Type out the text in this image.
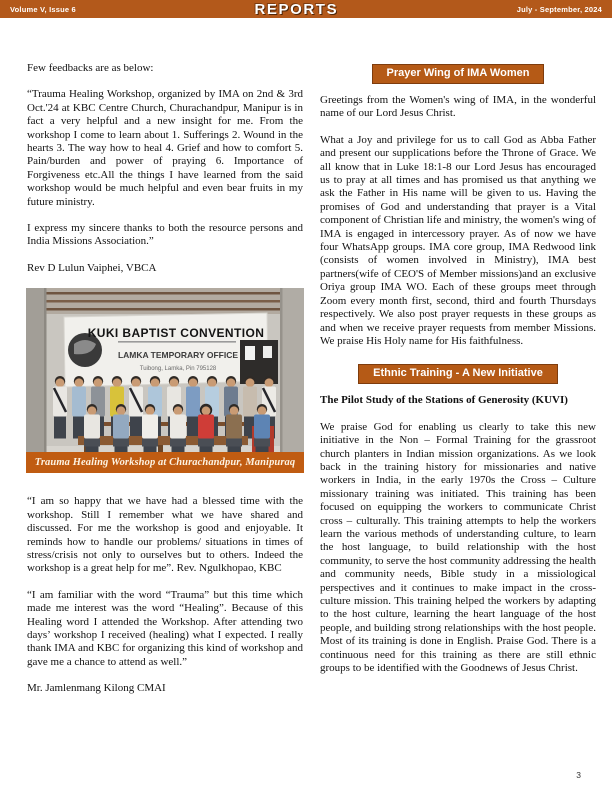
Volume V, Issue 6	REPORTS	July - September, 2024

Few feedbacks are as below:

“Trauma Healing Workshop, organized by IMA on 2nd & 3rd Oct.'24 at KBC Centre Church, Churachandpur, Manipur is in fact a very helpful and a new insight for me. From the workshop I come to learn about 1. Sufferings 2. Wound in the hearts 3. The way how to heal 4. Grief and how to comfort 5. Pain/burden and power of praying 6. Importance of Forgiveness etc.All the things I have learned from the said workshop would be much helpful and even bear fruits in my future ministry.

I express my sincere thanks to both the resource persons and India Missions Association.”

Rev D Lulun Vaiphei, VBCA

KUKI BAPTIST CONVENTION
LAMKA TEMPORARY OFFICE
Tuibong, Lamka, Pin 795128
Trauma Healing Workshop at Churachandpur, Manipuraq

“I am so happy that we have had a blessed time with the workshop. Still I remember what we have shared and discussed. For me the workshop is good and enjoyable. It reminds how to handle our problems/ situations in times of stress/crisis not only to ourselves but to others. Indeed the workshop is a great help for me”. Rev. Ngulkhopao, KBC

“I am familiar with the word “Trauma” but this time which made me interest was the word “Healing”. Because of this Healing word I attended the Workshop. After attending two days’ workshop I received (healing) what I expected. I really thank IMA and KBC for organizing this kind of workshop and gave me a chance to attend as well.”

Mr. Jamlenmang Kilong CMAI

Prayer Wing of IMA Women

Greetings from the Women's wing of IMA, in the wonderful name of our Lord Jesus Christ.

What a Joy and privilege for us to call God as Abba Father and present our supplications before the Throne of Grace. We all know that in Luke 18:1-8 our Lord Jesus has encouraged us to pray at all times and has promised us that anything we ask the Father in His name will be given to us. Having the promises of God and understanding that prayer is a Vital component of Christian life and ministry, the women's wing of IMA is engaged in intercessory prayer. As of now we have four WhatsApp groups. IMA core group, IMA Redwood link (consists of women involved in Ministry), IMA best partners(wife of CEO'S of Member missions)and an exclusive Oriya group IMA WO. Each of these groups meet through Zoom every month first, second, third and fourth Thursdays respectively. We also post prayer requests in these groups as and when we receive prayer requests from member Missions. We praise His Holy name for His faithfulness.

Ethnic Training - A New Initiative
The Pilot Study of the Stations of Generosity (KUVI)

We praise God for enabling us clearly to take this new initiative in the Non – Formal Training for the grassroot church planters in Indian mission organizations. As we look back in the training history for missionaries and native workers in India, in the early 1970s the Cross – Culture missionary training was initiated. This training has been focused on equipping the workers to communicate Christ cross – culturally. This training attempts to help the workers learn the various methods of understanding culture, to learn the host language, to build relationship with the host community, to serve the host community addressing the health and community needs, Bible study in a missiological perspectives and it continues to make impact in the cross-culture mission. This training helped the workers by adapting to the host culture, learning the heart language of the host people, and building strong relationships with the host people. Most of its training is done in English. Praise God. There is a continuous need for this training as there are still ethnic groups to be identified with the Goodnews of Jesus Christ.

3
